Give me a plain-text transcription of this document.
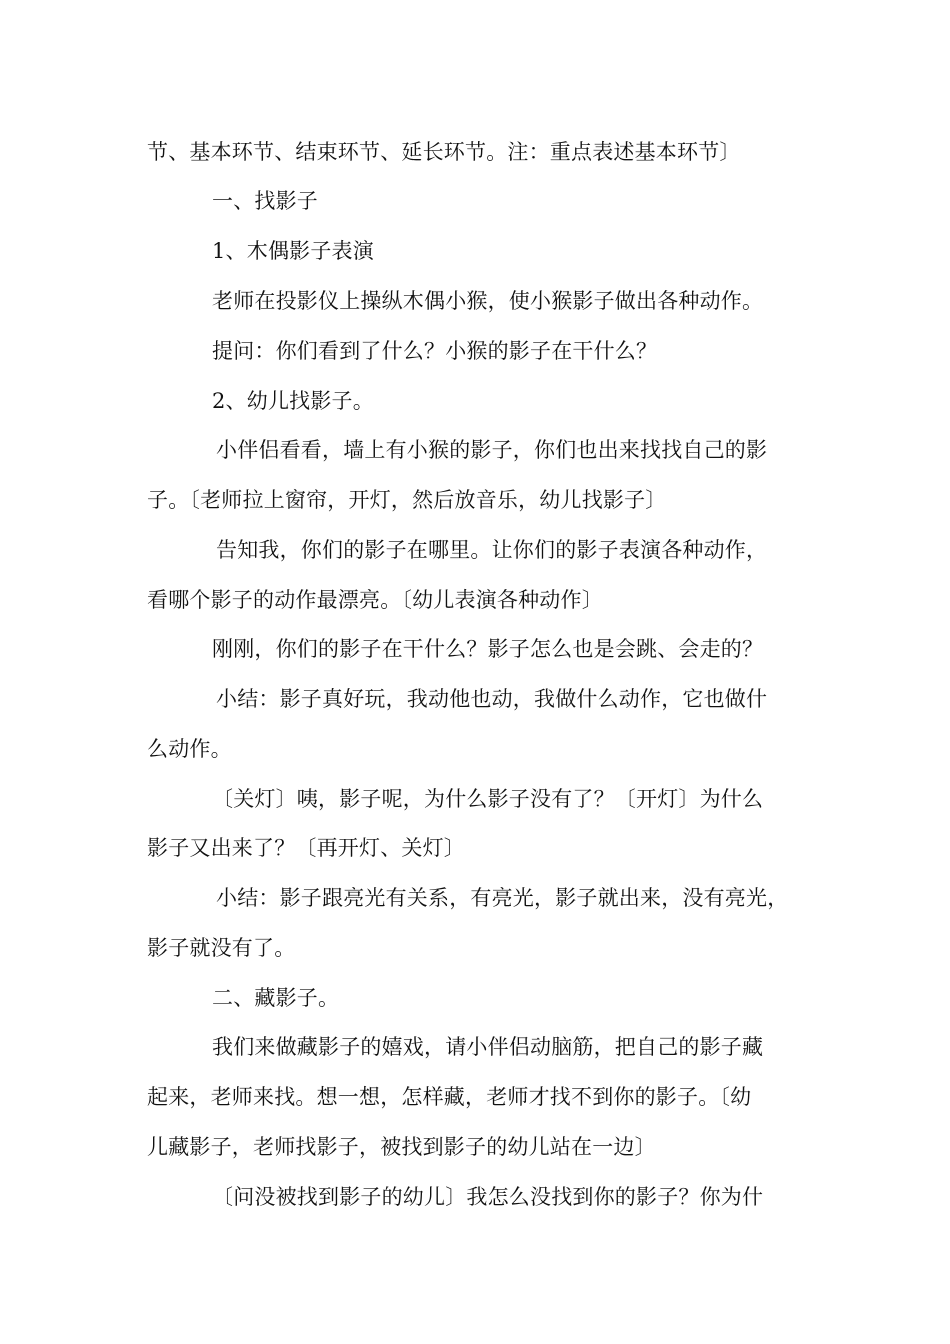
节、基本环节、结束环节、延长环节。注：重点表述基本环节〕
一、找影子
1、木偶影子表演
老师在投影仪上操纵木偶小猴，使小猴影子做出各种动作。
提问：你们看到了什么？小猴的影子在干什么？
2、幼儿找影子。
小伴侣看看，墙上有小猴的影子，你们也出来找找自己的影
子。〔老师拉上窗帘，开灯，然后放音乐，幼儿找影子〕
告知我，你们的影子在哪里。让你们的影子表演各种动作，
看哪个影子的动作最漂亮。〔幼儿表演各种动作〕
刚刚，你们的影子在干什么？影子怎么也是会跳、会走的？
小结：影子真好玩，我动他也动，我做什么动作，它也做什
么动作。
〔关灯〕咦，影子呢，为什么影子没有了？〔开灯〕为什么
影子又出来了？〔再开灯、关灯〕
小结：影子跟亮光有关系，有亮光，影子就出来，没有亮光，
影子就没有了。
二、藏影子。
我们来做藏影子的嬉戏，请小伴侣动脑筋，把自己的影子藏
起来，老师来找。想一想，怎样藏，老师才找不到你的影子。〔幼
儿藏影子，老师找影子，被找到影子的幼儿站在一边〕
〔问没被找到影子的幼儿〕我怎么没找到你的影子？你为什
